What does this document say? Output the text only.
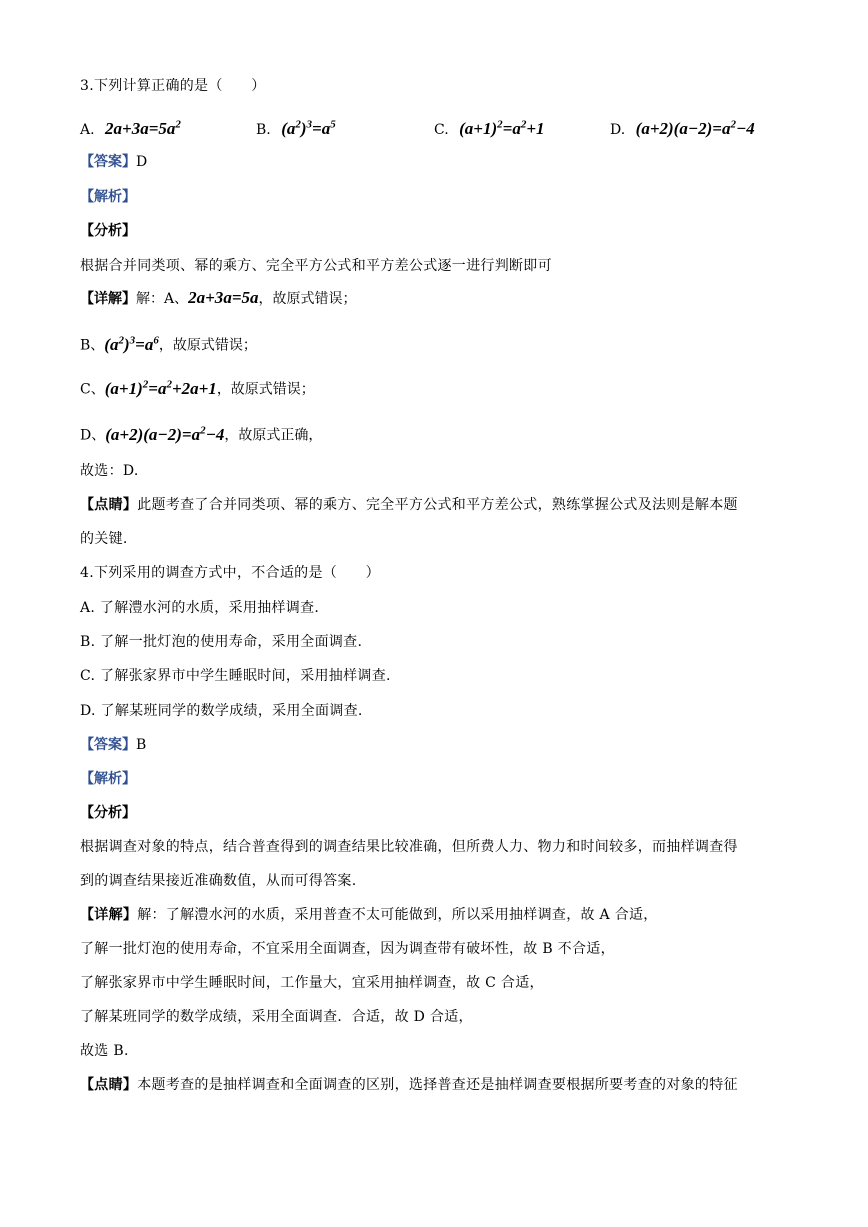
3.下列计算正确的是（　　）
A. $2a+3a=5a^2$	B. $(a^2)^3=a^5$	C. $(a+1)^2=a^2+1$	D. $(a+2)(a-2)=a^2-4$
【答案】D
【解析】
【分析】
根据合并同类项、幂的乘方、完全平方公式和平方差公式逐一进行判断即可
【详解】解：A、2a+3a=5a，故原式错误；
B、$(a^2)^3=a^6$，故原式错误；
C、$(a+1)^2=a^2+2a+1$，故原式错误；
D、$(a+2)(a-2)=a^2-4$，故原式正确，
故选：D.
【点睛】此题考查了合并同类项、幂的乘方、完全平方公式和平方差公式，熟练掌握公式及法则是解本题
的关键.
4.下列采用的调查方式中，不合适的是（　　）
A. 了解澧水河的水质，采用抽样调查.
B. 了解一批灯泡的使用寿命，采用全面调查.
C. 了解张家界市中学生睡眠时间，采用抽样调查.
D. 了解某班同学的数学成绩，采用全面调查.
【答案】B
【解析】
【分析】
根据调查对象的特点，结合普查得到的调查结果比较准确，但所费人力、物力和时间较多，而抽样调查得
到的调查结果接近准确数值，从而可得答案.
【详解】解：了解澧水河的水质，采用普查不太可能做到，所以采用抽样调查，故 A 合适，
了解一批灯泡的使用寿命，不宜采用全面调查，因为调查带有破坏性，故 B 不合适，
了解张家界市中学生睡眠时间，工作量大，宜采用抽样调查，故 C 合适，
了解某班同学的数学成绩，采用全面调查．合适，故 D 合适，
故选 B.
【点睛】本题考查的是抽样调查和全面调查的区别，选择普查还是抽样调查要根据所要考查的对象的特征
